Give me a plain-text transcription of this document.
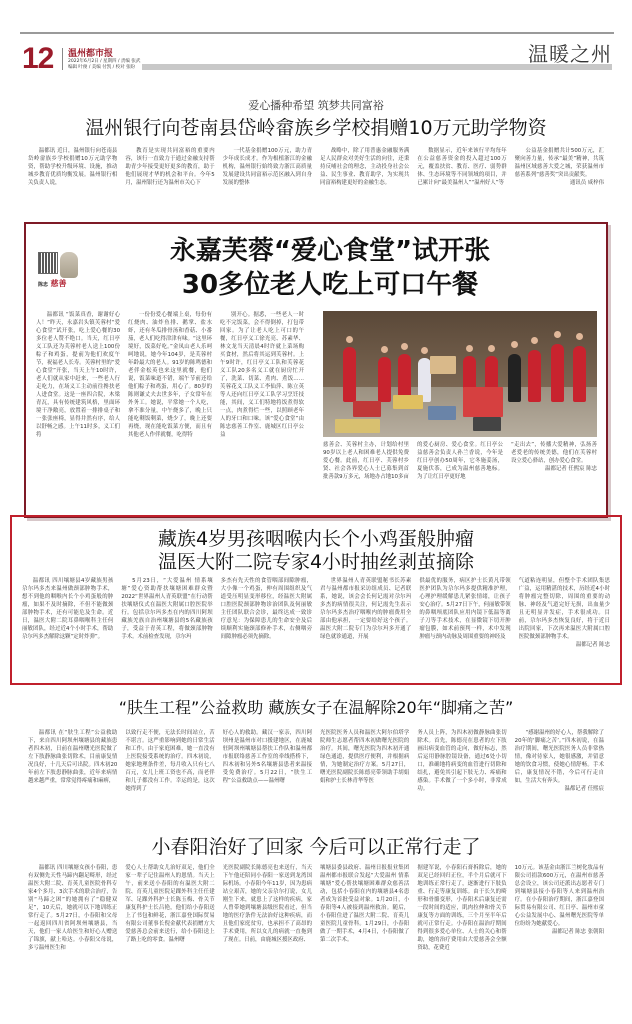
12 温州都市报
2022年6月2日 / 星期四 / 责编 张武
编辑 叶俊 / 美编 付凯 / 校对 张盼
温暖之州
爱心播种希望 筑梦共同富裕
温州银行向苍南县岱岭畲族乡学校捐赠10万元助学物资

温都讯 近日，温州银行向苍南县岱岭畲族乡学校捐赠10万元助学物资，帮助学校升级环境、设施，推动城乡教育优质均衡发展。温州银行相关负责人说，

教育是实现共同富裕的重要内容，该行一直致力于通过金融支持帮助青少年接受更好更多的教育，助于他们展现才华的机会和平台。今年5月，温州银行还为温州市关心下

一代基金捐赠100万元，助力青少年成长成才。作为根植浙江的金融机构，温州银行始终致力浙江高质量发展建设共同富裕示范区融入到自身发展的整体

战略中，除了用普惠金融服务满足人民群众对美好生活的向往，还秉持反哺社会的理念，主动投身社会公益、民生事业、教育助学，为实现共同富裕构建更好的金融生态。

数据显示，近年来该行平均每年在公益慈善资金的投入超过100万元，覆盖扶贫、教育、医疗、弱势群体、生态环境等不同领域的项目，并已累计向“最美温州人”“温州好人”等

公益基金捐赠共计500万元，汇聚向善力量，传承“最美”精神，共筑温州区域慈善大爱之城，荣获温州市慈善系列“慈善奖”突出贡献奖。

通讯员 咸梓伟

陈忠 慈善
永嘉芙蓉“爱心食堂”试开张
30多位老人吃上可口午餐

温都讯 “饭菜真香，谢谢好心人！”昨天，永嘉岩头镇芙蓉村“爱心食堂”试开张，吃上爱心餐的30多位老人赞不绝口。当天，红日亭义工队还为芙蓉村老人送上100份粽子和鸡蛋，提前为他们欢度午节，祝福老人长寿。芙蓉村里的“爱心食堂”开张，当天上午10时许，老人们就从家中赶来，一些老人行走吃力，在场义工主动前往搀扶老人进食堂。这是一座四合院，木梁青瓦，具有传统建筑风格，里面环境干净敞亮，放置着一排排桌子和一张张座椅，显得井然有序，给人以舒畅之感。上午11时多，义工们将

一份份爱心餐端上桌，每份有红烧肉、油炸鱼排、鹅掌、盐水虾，还有冬瓜排骨汤和香菇、小番茄，老人们吃得津津有味。“这里环境好，饭菜好吃。”金凤山老人乐呵呵地说，她今年104岁，是芙蓉村年龄最大的老人。91岁的陈鸣德和老伴金松英也来这里就餐，他们说，饭菜味道不错，端午节前还给他们粽子和鸡蛋，用心了。80岁的陈则谦丈夫去世多年，子女常年在外务工。她说，平常她一个人吃，拿不准分量，中午烧多了，晚上只能吃剩饭剩菜，烧少了，晚上还要再烧，现在能吃饭菜方便，而且有其他老人作伴就餐，吃得特

别开心。据悉，一些老人一时吃不完饭菜，会不得倒掉，打包带回家。为了让老人吃上可口的午餐，红日亭义工徐光亮、苏素华、林文龙当天清晨4时许就上菜场购买食材，然后将其运到芙蓉村。上午9时许，红日亭义工队和芙蓉花义工队20多名义工就在厨房忙开了，洗菜、切菜、煮肉、煮饭……芙蓉花义工队义工李仙萍、陈立英等人还向红日亭义工队学习烹饪技能，其间，义工们特地将饭煮得软一点，肉煮得烂一些，以照顾老年人的牙口和口味。该“爱心食堂”由陈忠慈善工作室、鹿城区红日亭公益

慈善会、芙蓉村主办，计划给村里90岁以上老人和困难老人提供免费爱心餐。此前，红日亭、芙蓉村乡贤、社会各界爱心人士已募集到首批善款9万多元，场地办占地10多亩

的爱心厨房、爱心食堂。红日亭公益慈善会负责人孙兰香说，今年是红日亭创办50周年，它冬施姜汤，夏施伏茶，已成为温州慈善地标。为了让红日亭更好地

“走出去”，传播大爱精神，弘扬善老爱老的传统美德，他们在芙蓉村设立爱心驿站，创办爱心食堂。

温都记者 任熙宸 陈忠

藏族4岁男孩咽喉内长个小鸡蛋般肿瘤
温医大附二院专家4小时抽丝剥茧摘除

温都讯 四川壤塘县4岁藏族男孩尕尔玛多杰来温州做颈部肿物手术，想不到他的咽喉内长个小鸡蛋般的肿瘤，如果不及时摘除，不但不能做颈部肿物手术，还有可能危及生命。近日，温医大附二院耳鼻咽喉科主任何丽敏团队，经过近4个小时手术，帮助尕尔玛多杰解除这颗“定时炸弹”。

5月23日，“大爱温州 情系壤塘”爱心资助帮扶壤塘困难群众暨2022“世界温州人青英联盟”在行动帮扶壤塘仪式在温医大附属口腔医院举行。包括尕尔玛多杰在内的四川阿坝藏族羌族自治州壤塘县的5名藏族孩子，受益于青英工程，将做颈部肿物手术。术前检查发现，尕尔玛

多杰有先天性的食管咽部间隙肿瘤，大小像一个鸡蛋，伸有周围组织及气道受压明显变形移位，经温医大附属口腔医院颈部肿物诊治团队及何丽敏主任团队联合会诊，最终达成一致诊疗意见：为保障患儿的生命安全及后续顺利实施颈部修补手术，右侧咽旁间隙肿瘤必须先摘除。

世界温州人青英联盟秘书长苏素君与温州都市报采访组成员、记者联系，她说，该会会长何记霞对尕尔玛多杰的病情很关注，何记霞先生表示尕尔玛多杰治疗咽喉内的肿瘤费用全部由他承担，一定要给好这个孩子。温医大附二院专门为尕尔玛多开通了绿色就诊通道，开展

供最优的服务，病区护士长黄凡带领医护团队为尕尔玛多提供精准护理，心理护理缓解患儿紧张情绪，让孩子安心治疗。5月27日下午，何丽敏带领的鼻咽颅底团队应用内镜下低温等离子刀等手术技术，在显微镜下切开肿瘤包膜，如术前预判一样，术中发现肿瘤与颈内动脉及周围重要的神经及

气道粘连明显，但整个手术团队集思广益，运用精湛的技术，历经近4小时将肿瘤完整切除，周围的重要的动脉、神经及气道完好无损，出血量少且无明显并发症，手术很成功。目前，尕尔玛多杰恢复良好，将于近日出院回家，下次再来温医大附属口腔医院做颈部肿物手术。

温都记者 陈忠

“肤生工程”公益救助 藏族女子在温解除20年“脚痛之苦”

温都讯 在“肤生工程”公益救助下，来自四川阿坝州壤塘县的藏族患者四木初，日前在温州曙光医院做了左下肢静脉曲张切除术，目前康复情况良好，十几天后可出院。四木初20年前左下肢患静脉曲张，近年来病情越来越严重，常常觉得疼痛和麻痹，

以致行走不便，无法长时间站立，苦不堪言。这严重影响到她的日常生活和工作。由于家庭困难，她一直没有上医院接受系统的治疗。四木初说，她家地理条件差，每月收入只有七八百元，女儿上班工资也不高，而老伴和儿子都没有工作。幸运的是，这次她得到了

好心人的救助。藏汉一家亲，四川阿坝州是温州市对口援建地区，在鹿城驻阿坝州壤塘县帮扶工作队和温州都市报联络慈善工作室的牵线搭桥下，四木初和另外5名壤塘县患者来温接受免费治疗。5月22日，“肤生工程”公益救助点——温州曙

光医院医务人员和温医大阿尔伯塔学院师生志愿者帮四木初做曙光医院的治疗。其间，曙光医院为四木初开通绿色通道，提供医疗便利，并根据病情，为她制定治疗方案。5月27日，曙光医院副院长陈德亮带领助手胡娟娟和护士长林青华等医

务人员上阵，为四木初做静脉曲张切除术。首先，陈德亮在患者的左下肢画出病变血管的走向，做好标志，然后运用静脉腔镜设备，通过6处小切口，准确地将病变的血管进行切除和结扎，避免其引起下肢无力、疼痛和感染。手术做了一个多小时，非常成功。

“感谢温州的好心人，帮我解除了20年的‘脚痛之苦’。”四木初说，在温治疗期间，曙光医院医务人员非常热情，像对待家人，她很感激，并留意她的饮食习惯，使她心情舒畅。手术后，康复情况不错，今后可行走自如，生活大有奔头。

温都记者 任熙宸

小春阳治好了回家 今后可以正常行走了

温都讯 四川壤塘女孩小春阳，患有双侧先天性马蹄内翻足畸形，经过温医大附二院、育英儿童医院骨科专家4个多月、3次手术的联合治疗，告别“马蹄之困”的她拥有了“稳健双足”，10天后，她就可以下地训练正常行走了。5月27日，小春阳和父母一起返回四川省阿坝州壤塘县，当天，他们一家人给医生和好心人赠送了锦旗，献上哈达。小春阳父母说，多亏温州医生和

爱心人士帮助女儿治好双足，他们全家一辈子记住温州人的恩情。当天上午，前来送小春阳的有温医大附二院、育英儿童医院足踝外科主任任建军、足踝外科护士长陈玉梅、骨关节康复科护士长吕艳，他们给小春阳送上了书包和鲜花，浙江嘉登国际贸易有限公司董事长倪金献代表捐赠方大爱慈善总会前来送行，给小春阳送上了路上吃的零食。温州曙

光医院副院长陈德亮也来送行，当天下午他还陪同小春阳一家送到龙湾国际机场。小春阳今年11岁，因为患病站立艰苦，她的父亲尕尔打说，女儿刚生下来，就患上了这样的疾病，家人曾带她到壤塘县级医院看过，但当地的医疗条件无法治好这种疾病，而且他们家庭贫穷，也承担不了高昂的手术费用，所以女儿的病就一直拖到了现在。日前，由鹿城区援区政府、

壤塘县委县政府、温州日报报业集团温州都市报联合发起“大爱温州 情系壤塘”爱心帮扶壤塘困难群众慈善活动，包括小春阳在内的壤塘县4名患者成为首批受益对象。1月20日，小春阳等4人被接到温州救治。随后，小春阳住进了温医大附二院、育英儿童医院儿童骨科。1月29日，小春阳做了一期手术，4月4日，小春阳做了第二次手术。

据建军说，小春阳石膏拆除后，她的双足已经回归正位，半个月后就可下地训练正常行走了，逐渐进行下肢负重、行走等康复训练。由于长久的畸形和骨骼变形，小春阳术后康复还需一段时间的适应，肌肉拉伸和骨关节康复等方面的训练，三个月至半年后就可正常行走。小春阳在温治疗期间得到很多爱心单位、人士的关心和帮助，她的治疗费用由大爱慈善会全额资助，花费近

10万元。该基金由浙江兰树化妆品有限公司捐款600万元，在温州市慈善总会设立，该公司还派出志愿者专门到壤塘县接小春阳等人来到温州治疗。在小春阳治疗期间，浙江嘉登国际贸易有限公司、红日亭、温州市童心公益发展中心、温州曙光医院等单位纷纷为她献爱心。

温都记者 陈忠 张朝阳
